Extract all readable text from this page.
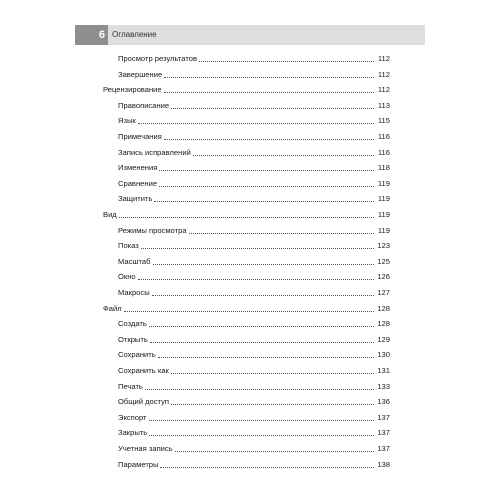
6 Оглавление
Просмотр результатов	112
Завершение	112
Рецензирование	112
Правописание	113
Язык	115
Примечания	116
Запись исправлений	116
Изменения	118
Сравнение	119
Защитить	119
Вид	119
Режимы просмотра	119
Показ	123
Масштаб	125
Окно	126
Макросы	127
Файл	128
Создать	128
Открыть	129
Сохранить	130
Сохранить как	131
Печать	133
Общий доступ	136
Экспорт	137
Закрыть	137
Учетная запись	137
Параметры	138
